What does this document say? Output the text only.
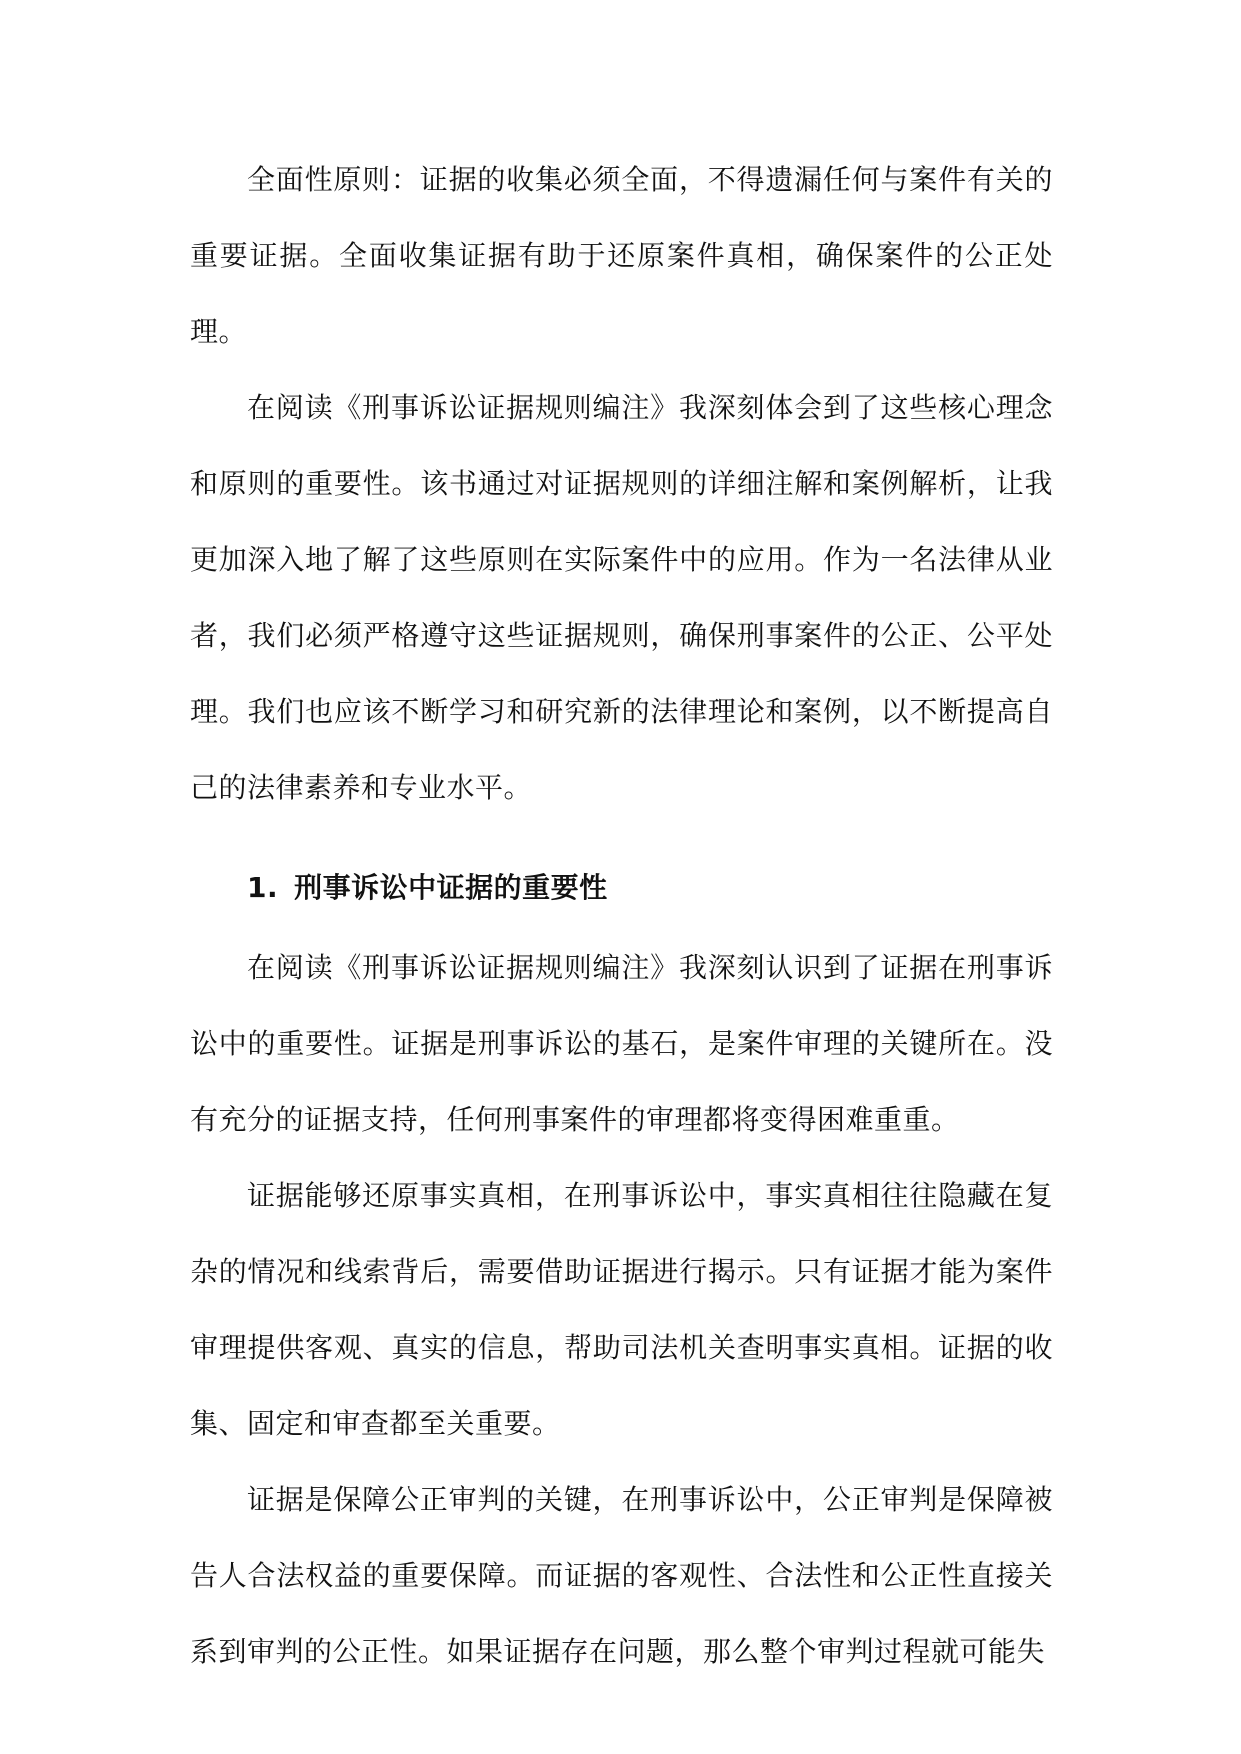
全面性原则：证据的收集必须全面，不得遗漏任何与案件有关的重要证据。全面收集证据有助于还原案件真相，确保案件的公正处理。

在阅读《刑事诉讼证据规则编注》我深刻体会到了这些核心理念和原则的重要性。该书通过对证据规则的详细注解和案例解析，让我更加深入地了解了这些原则在实际案件中的应用。作为一名法律从业者，我们必须严格遵守这些证据规则，确保刑事案件的公正、公平处理。我们也应该不断学习和研究新的法律理论和案例，以不断提高自己的法律素养和专业水平。

1. 刑事诉讼中证据的重要性

在阅读《刑事诉讼证据规则编注》我深刻认识到了证据在刑事诉讼中的重要性。证据是刑事诉讼的基石，是案件审理的关键所在。没有充分的证据支持，任何刑事案件的审理都将变得困难重重。

证据能够还原事实真相，在刑事诉讼中，事实真相往往隐藏在复杂的情况和线索背后，需要借助证据进行揭示。只有证据才能为案件审理提供客观、真实的信息，帮助司法机关查明事实真相。证据的收集、固定和审查都至关重要。

证据是保障公正审判的关键，在刑事诉讼中，公正审判是保障被告人合法权益的重要保障。而证据的客观性、合法性和公正性直接关系到审判的公正性。如果证据存在问题，那么整个审判过程就可能失
